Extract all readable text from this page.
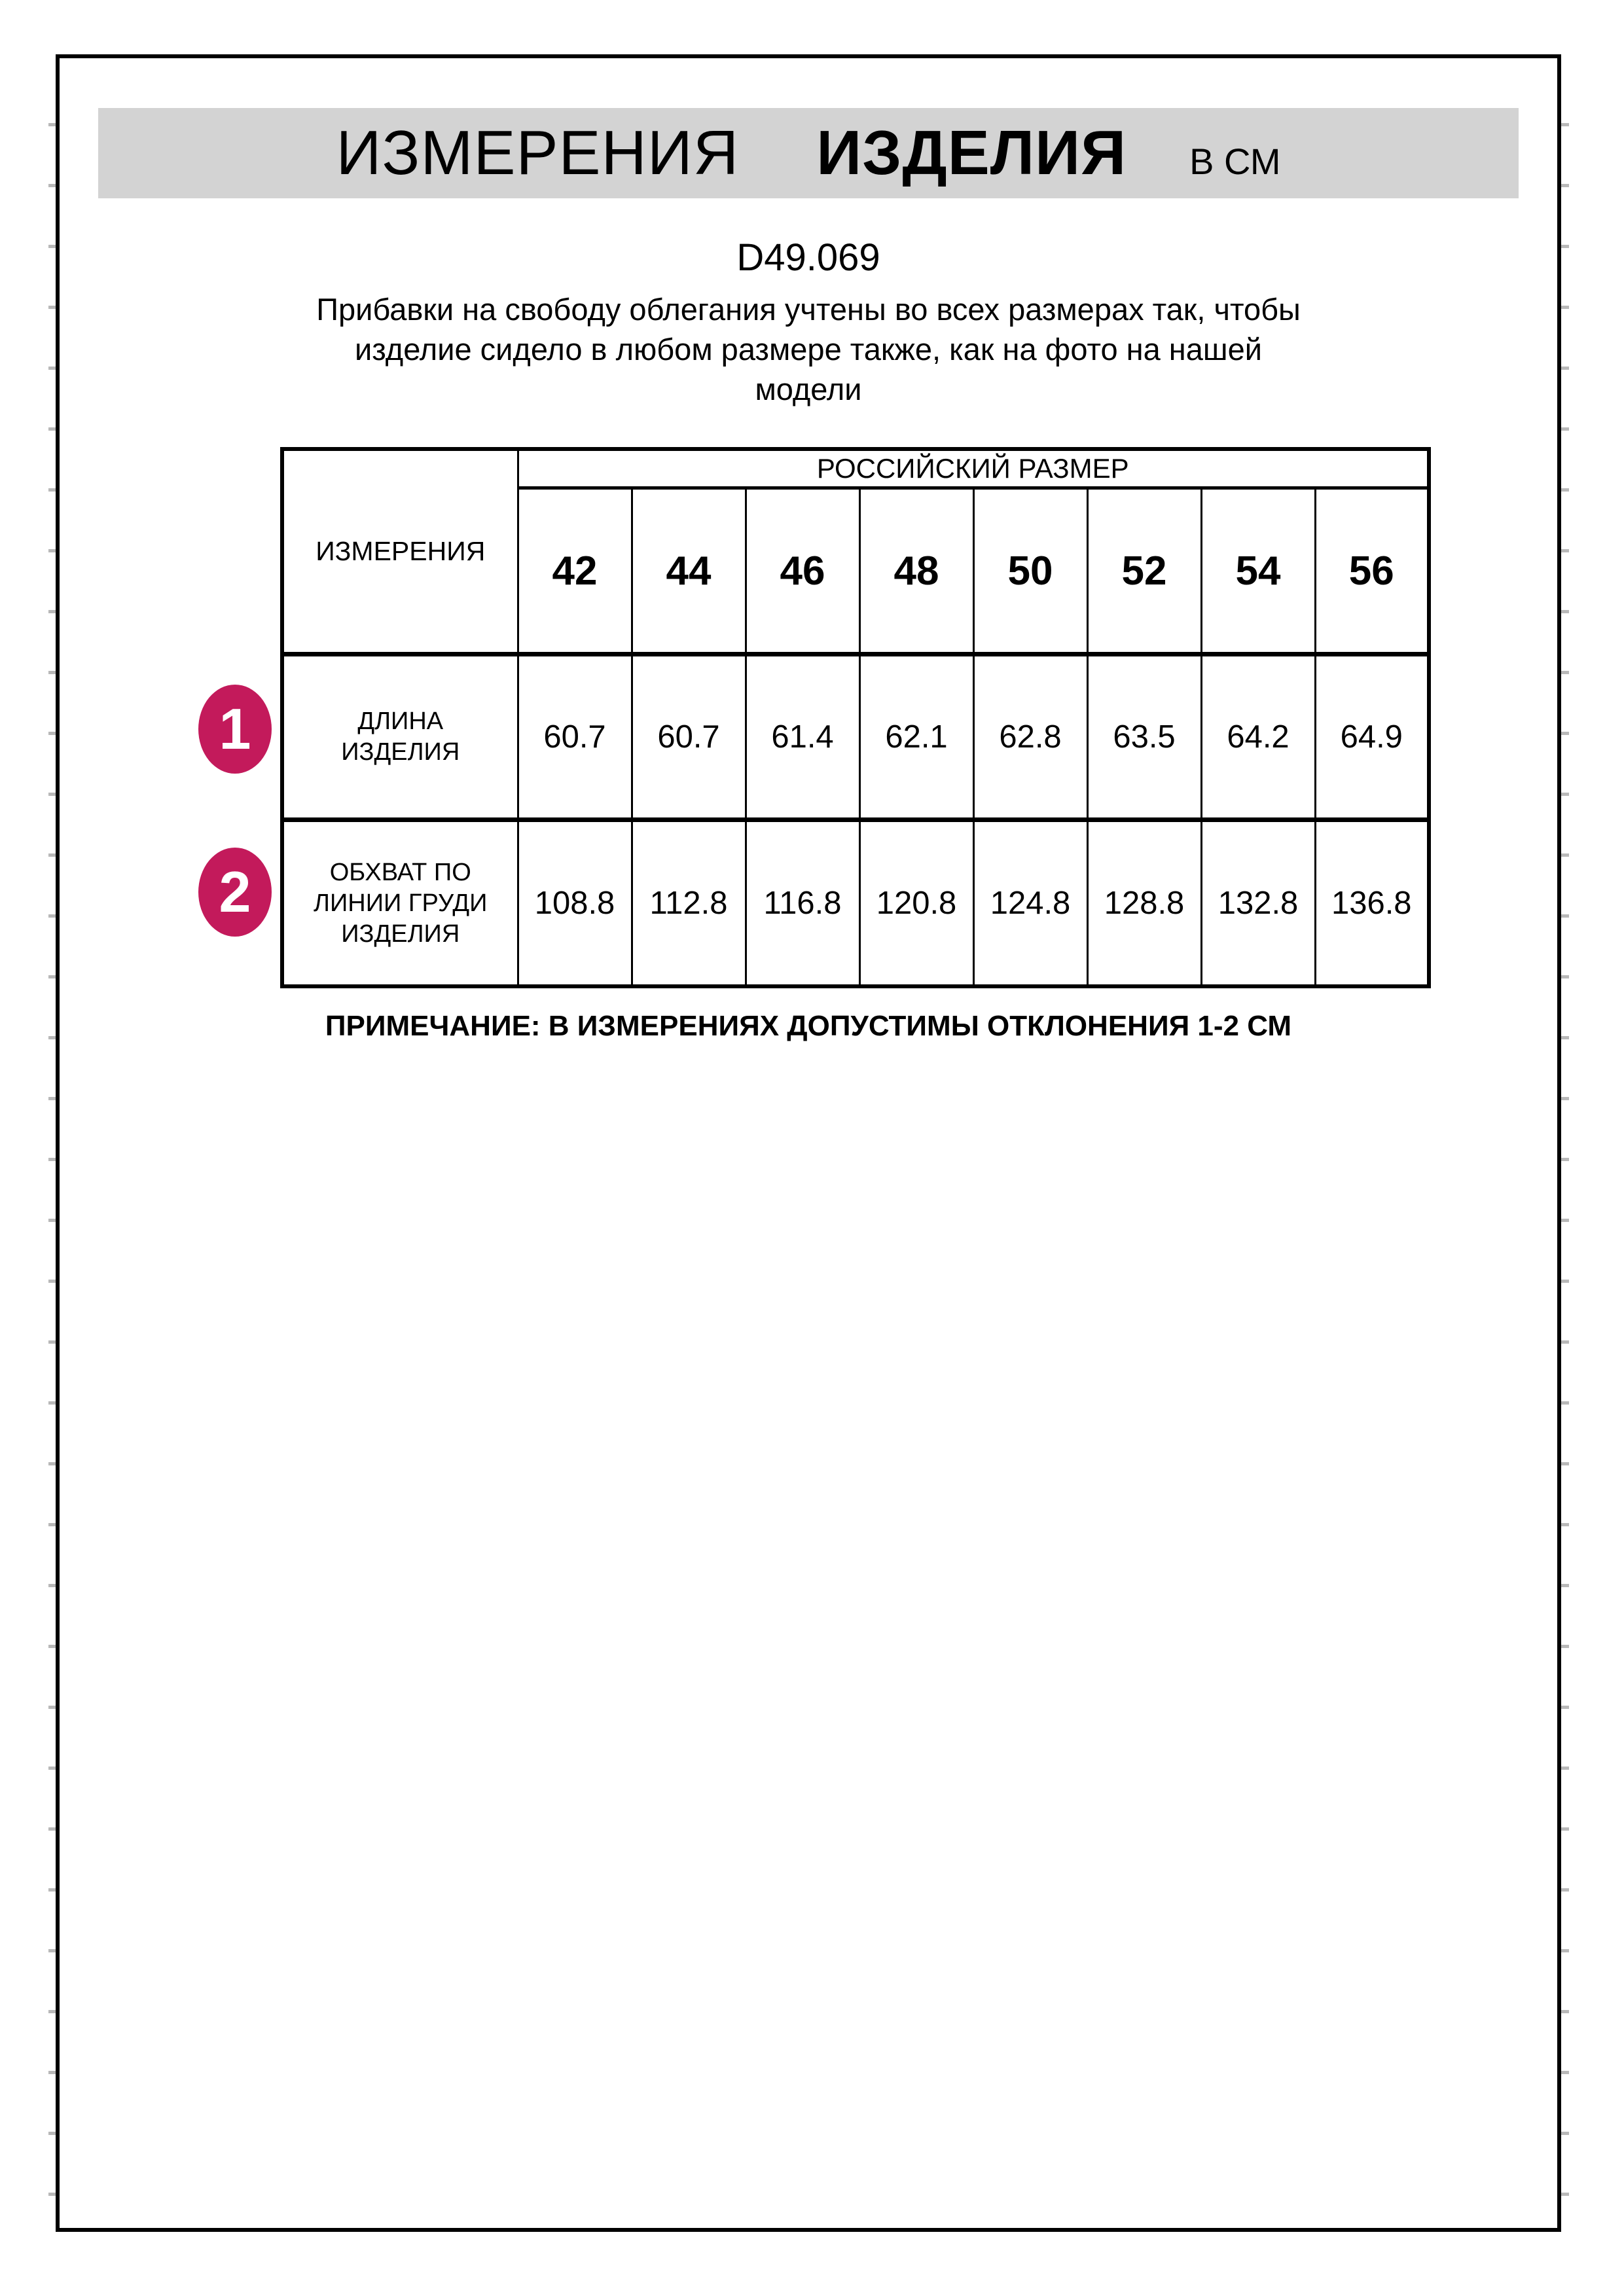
ИЗМЕРЕНИЯ ИЗДЕЛИЯ В СМ
D49.069
Прибавки на свободу облегания учтены во всех размерах так, чтобы
изделие сидело в любом размере также, как на фото на нашей
модели
ИЗМЕРЕНИЯ	РОССИЙСКИЙ РАЗМЕР							
	42	44	46	48	50	52	54	56

ДЛИНА
ИЗДЕЛИЯ	60.7	60.7	61.4	62.1	62.8	63.5	64.2	64.9

ОБХВАТ ПО
ЛИНИИ ГРУДИ
ИЗДЕЛИЯ	108.8	112.8	116.8	120.8	124.8	128.8	132.8	136.8
1
2
ПРИМЕЧАНИЕ: В ИЗМЕРЕНИЯХ ДОПУСТИМЫ ОТКЛОНЕНИЯ 1-2 СМ
